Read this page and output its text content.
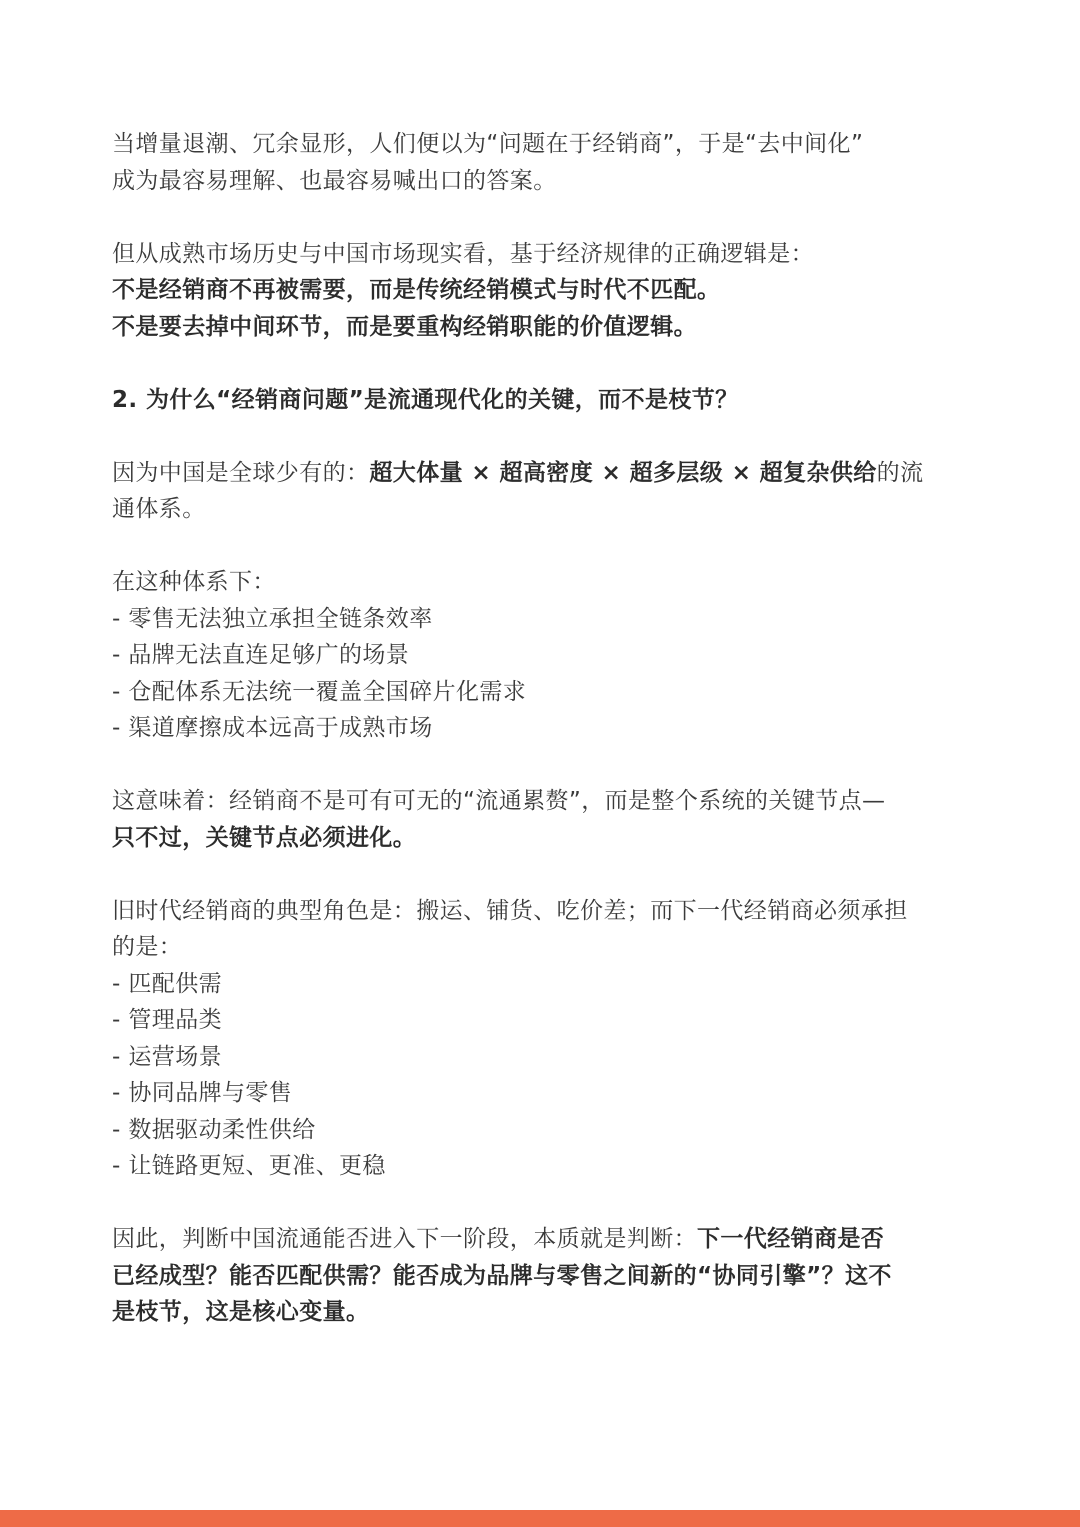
当增量退潮、冗余显形，人们便以为“问题在于经销商”，于是“去中间化”
成为最容易理解、也最容易喊出口的答案。
但从成熟市场历史与中国市场现实看，基于经济规律的正确逻辑是：
不是经销商不再被需要，而是传统经销模式与时代不匹配。
不是要去掉中间环节，而是要重构经销职能的价值逻辑。
2. 为什么“经销商问题”是流通现代化的关键，而不是枝节？
因为中国是全球少有的：超大体量 × 超高密度 × 超多层级 × 超复杂供给的流
通体系。
在这种体系下：
- 零售无法独立承担全链条效率
- 品牌无法直连足够广的场景
- 仓配体系无法统一覆盖全国碎片化需求
- 渠道摩擦成本远高于成熟市场
这意味着：经销商不是可有可无的“流通累赘”，而是整个系统的关键节点—
只不过，关键节点必须进化。
旧时代经销商的典型角色是：搬运、铺货、吃价差；而下一代经销商必须承担
的是：
- 匹配供需
- 管理品类
- 运营场景
- 协同品牌与零售
- 数据驱动柔性供给
- 让链路更短、更准、更稳
因此，判断中国流通能否进入下一阶段，本质就是判断：下一代经销商是否
已经成型？能否匹配供需？能否成为品牌与零售之间新的“协同引擎”？这不
是枝节，这是核心变量。
